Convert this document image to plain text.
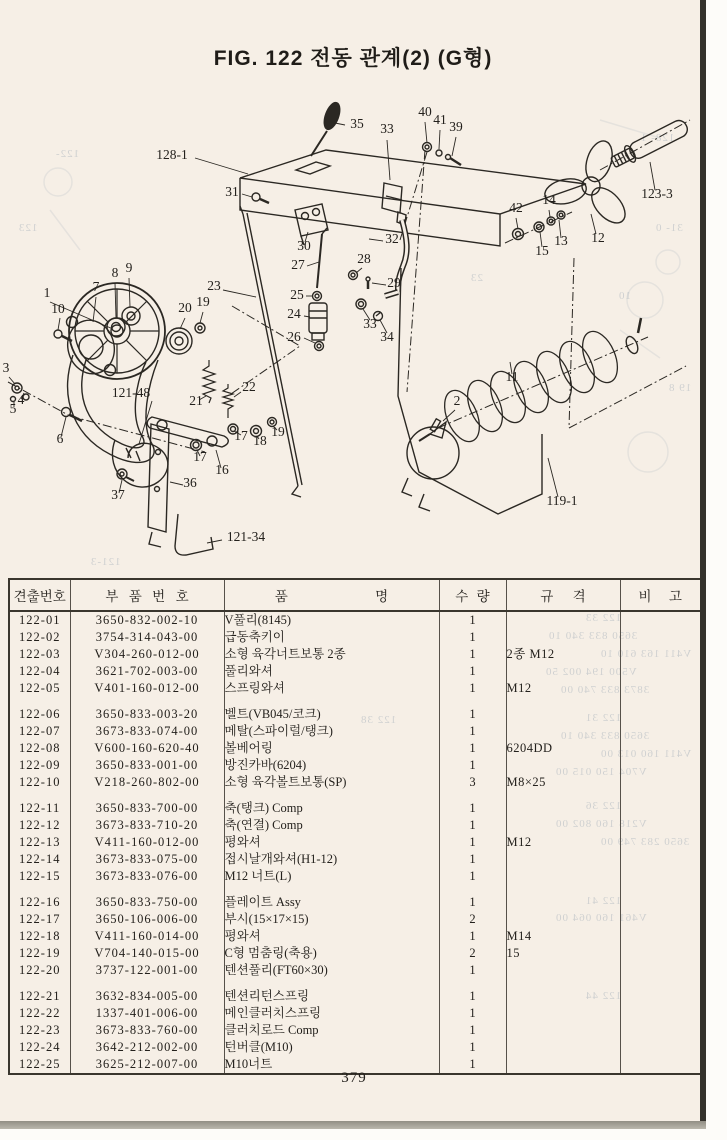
FIG. 122 전동 관계(2) (G형)
128- 1
31- 0
10
19 8
23
122-
123
121-3
122 33
3650 833 340 10
V411 163 610 10
V500 194 002 50
3873 833 740 00
122 38	122 31
3650 833 340 10
V411 160 013 00
V704 150 015 00
122 36
V218 160 802 00
3650 283 749 00
122 41
V461 160 064 00
122 44
35 33
40
41 39
128-1
31
30
27	28
32
29
33
34
25
24
26
23
42
14
15
13 12
123-3
1
10
7
8 9
20 19
3
4
5
6
121-48
21
22
17 18
19
17
16
36
37
121-34
11
2
119-1
견출번호	부 품 번 호	품 명	수 량	규 격	비 고
122-01	3650-832-002-10	V풀리(8145)	1		
122-02	3754-314-043-00	급동축키이	1		
122-03	V304-260-012-00	소형 육각너트보통 2종	1	2종 M12	
122-04	3621-702-003-00	풀리와셔	1		
122-05	V401-160-012-00	스프링와셔	1	M12	

122-06	3650-833-003-20	벨트(VB045/코크)	1		
122-07	3673-833-074-00	메탈(스파이럴/탱크)	1		
122-08	V600-160-620-40	볼베어링	1	6204DD	
122-09	3650-833-001-00	방진카바(6204)	1		
122-10	V218-260-802-00	소형 육각볼트보통(SP)	3	M8×25	

122-11	3650-833-700-00	축(탱크) Comp	1		
122-12	3673-833-710-20	축(연결) Comp	1		
122-13	V411-160-012-00	평와셔	1	M12	
122-14	3673-833-075-00	접시날개와셔(H1-12)	1		
122-15	3673-833-076-00	M12 너트(L)	1		

122-16	3650-833-750-00	플레이트 Assy	1		
122-17	3650-106-006-00	부시(15×17×15)	2		
122-18	V411-160-014-00	평와셔	1	M14	
122-19	V704-140-015-00	C형 멈춤링(축용)	2	15	
122-20	3737-122-001-00	텐션풀리(FT60×30)	1		

122-21	3632-834-005-00	텐션리턴스프링	1		
122-22	1337-401-006-00	메인클러치스프링	1		
122-23	3673-833-760-00	클러치로드 Comp	1		
122-24	3642-212-002-00	턴버클(M10)	1		
122-25	3625-212-007-00	M10너트	1		
379
